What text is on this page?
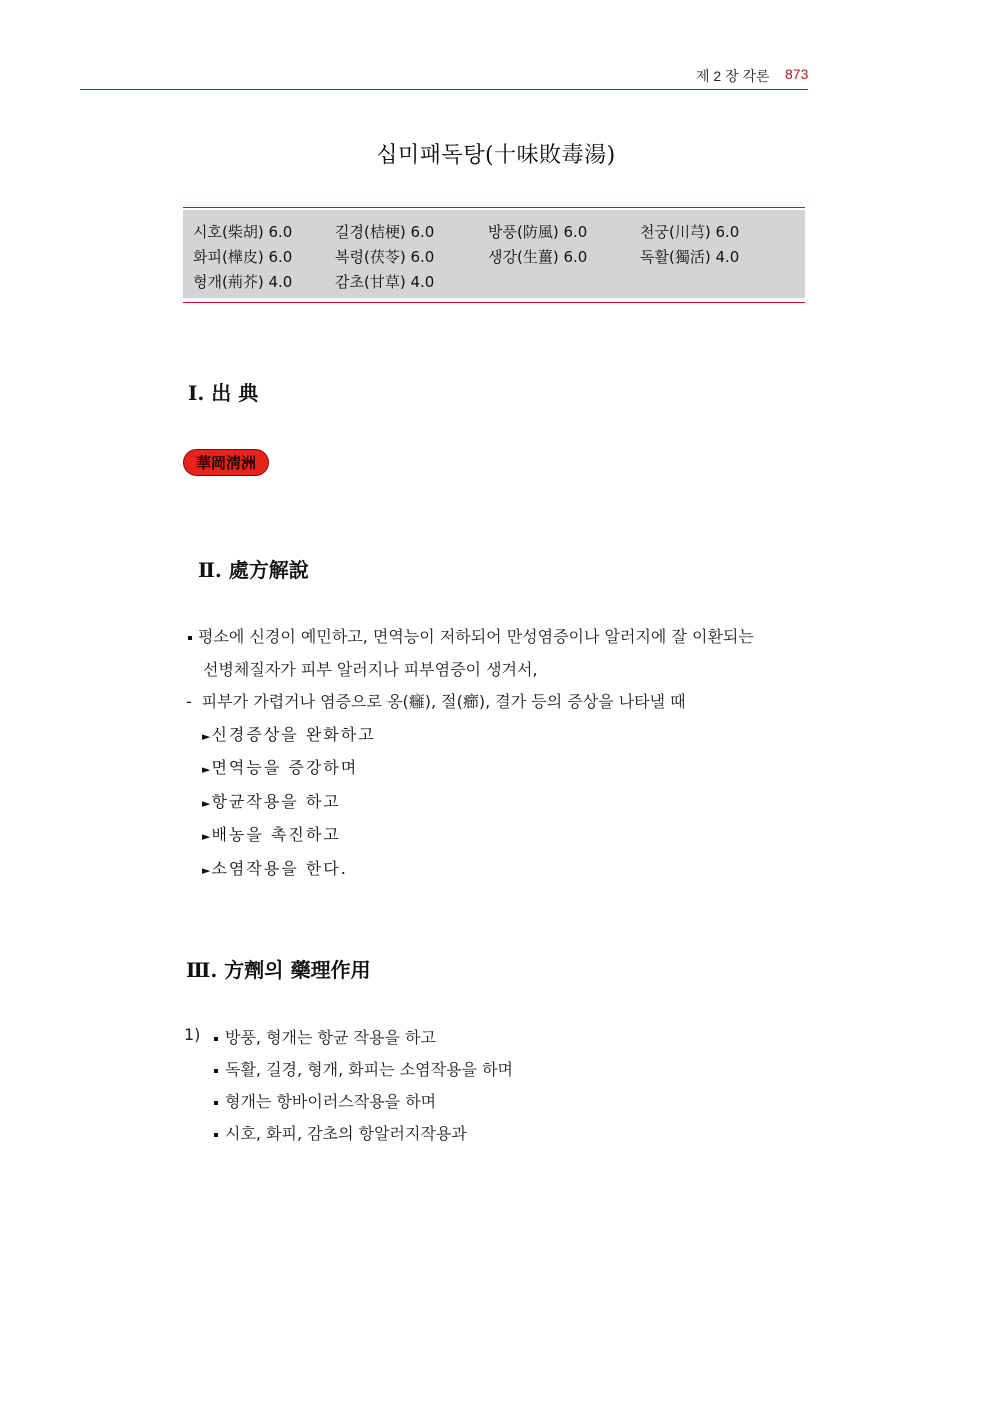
제 2 장 각론 873
십미패독탕(十味敗毒湯)
시호(柴胡) 6.0	길경(桔梗) 6.0	방풍(防風) 6.0	천궁(川芎) 6.0
화피(樺皮) 6.0	복령(茯苓) 6.0	생강(生薑) 6.0	독활(獨活) 4.0
형개(荊芥) 4.0	감초(甘草) 4.0
Ⅰ. 出 典
華岡淸洲
Ⅱ. 處方解說
평소에 신경이 예민하고, 면역능이 저하되어 만성염증이나 알러지에 잘 이환되는
선병체질자가 피부 알러지나 피부염증이 생겨서,
- 피부가 가렵거나 염증으로 옹(癰), 절(癤), 결가 등의 증상을 나타낼 때
►신경증상을 완화하고
►면역능을 증강하며
►항균작용을 하고
►배농을 촉진하고
►소염작용을 한다.
Ⅲ. 方劑의 藥理作用
1)	방풍, 형개는 항균 작용을 하고
독활, 길경, 형개, 화피는 소염작용을 하며
형개는 항바이러스작용을 하며
시호, 화피, 감초의 항알러지작용과
